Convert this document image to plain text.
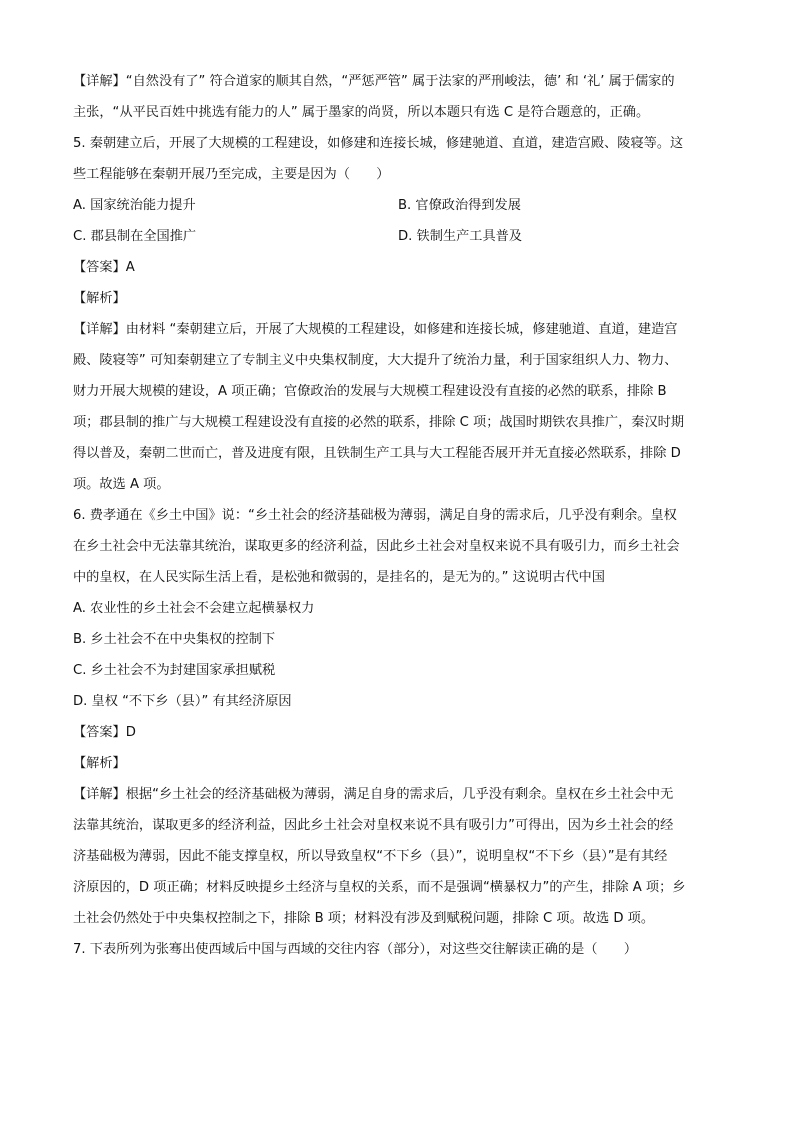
【详解】“自然没有了” 符合道家的顺其自然，“严惩严管” 属于法家的严刑峻法，德’ 和 ‘礼’ 属于儒家的
主张，“从平民百姓中挑选有能力的人” 属于墨家的尚贤，所以本题只有选 C 是符合题意的，正确。
5. 秦朝建立后，开展了大规模的工程建设，如修建和连接长城，修建驰道、直道，建造宫殿、陵寝等。这
些工程能够在秦朝开展乃至完成，主要是因为（　　）
A. 国家统治能力提升	B. 官僚政治得到发展
C. 郡县制在全国推广	D. 铁制生产工具普及
【答案】A
【解析】
【详解】由材料 “秦朝建立后，开展了大规模的工程建设，如修建和连接长城，修建驰道、直道，建造宫
殿、陵寝等” 可知秦朝建立了专制主义中央集权制度，大大提升了统治力量，利于国家组织人力、物力、
财力开展大规模的建设，A 项正确；官僚政治的发展与大规模工程建设没有直接的必然的联系，排除 B
项；郡县制的推广与大规模工程建设没有直接的必然的联系，排除 C 项；战国时期铁农具推广，秦汉时期
得以普及，秦朝二世而亡，普及进度有限，且铁制生产工具与大工程能否展开并无直接必然联系，排除 D
项。故选 A 项。
6. 费孝通在《乡土中国》说：“乡土社会的经济基础极为薄弱，满足自身的需求后，几乎没有剩余。皇权
在乡土社会中无法靠其统治，谋取更多的经济利益，因此乡土社会对皇权来说不具有吸引力，而乡土社会
中的皇权，在人民实际生活上看，是松弛和微弱的，是挂名的，是无为的。” 这说明古代中国
A. 农业性的乡土社会不会建立起横暴权力
B. 乡土社会不在中央集权的控制下
C. 乡土社会不为封建国家承担赋税
D. 皇权 “不下乡（县）” 有其经济原因
【答案】D
【解析】
【详解】根据“乡土社会的经济基础极为薄弱，满足自身的需求后，几乎没有剩余。皇权在乡土社会中无
法靠其统治，谋取更多的经济利益，因此乡土社会对皇权来说不具有吸引力”可得出，因为乡土社会的经
济基础极为薄弱，因此不能支撑皇权，所以导致皇权“不下乡（县）”，说明皇权“不下乡（县）”是有其经
济原因的，D 项正确；材料反映提乡土经济与皇权的关系，而不是强调“横暴权力”的产生，排除 A 项；乡
土社会仍然处于中央集权控制之下，排除 B 项；材料没有涉及到赋税问题，排除 C 项。故选 D 项。
7. 下表所列为张骞出使西域后中国与西域的交往内容（部分），对这些交往解读正确的是（　　）
